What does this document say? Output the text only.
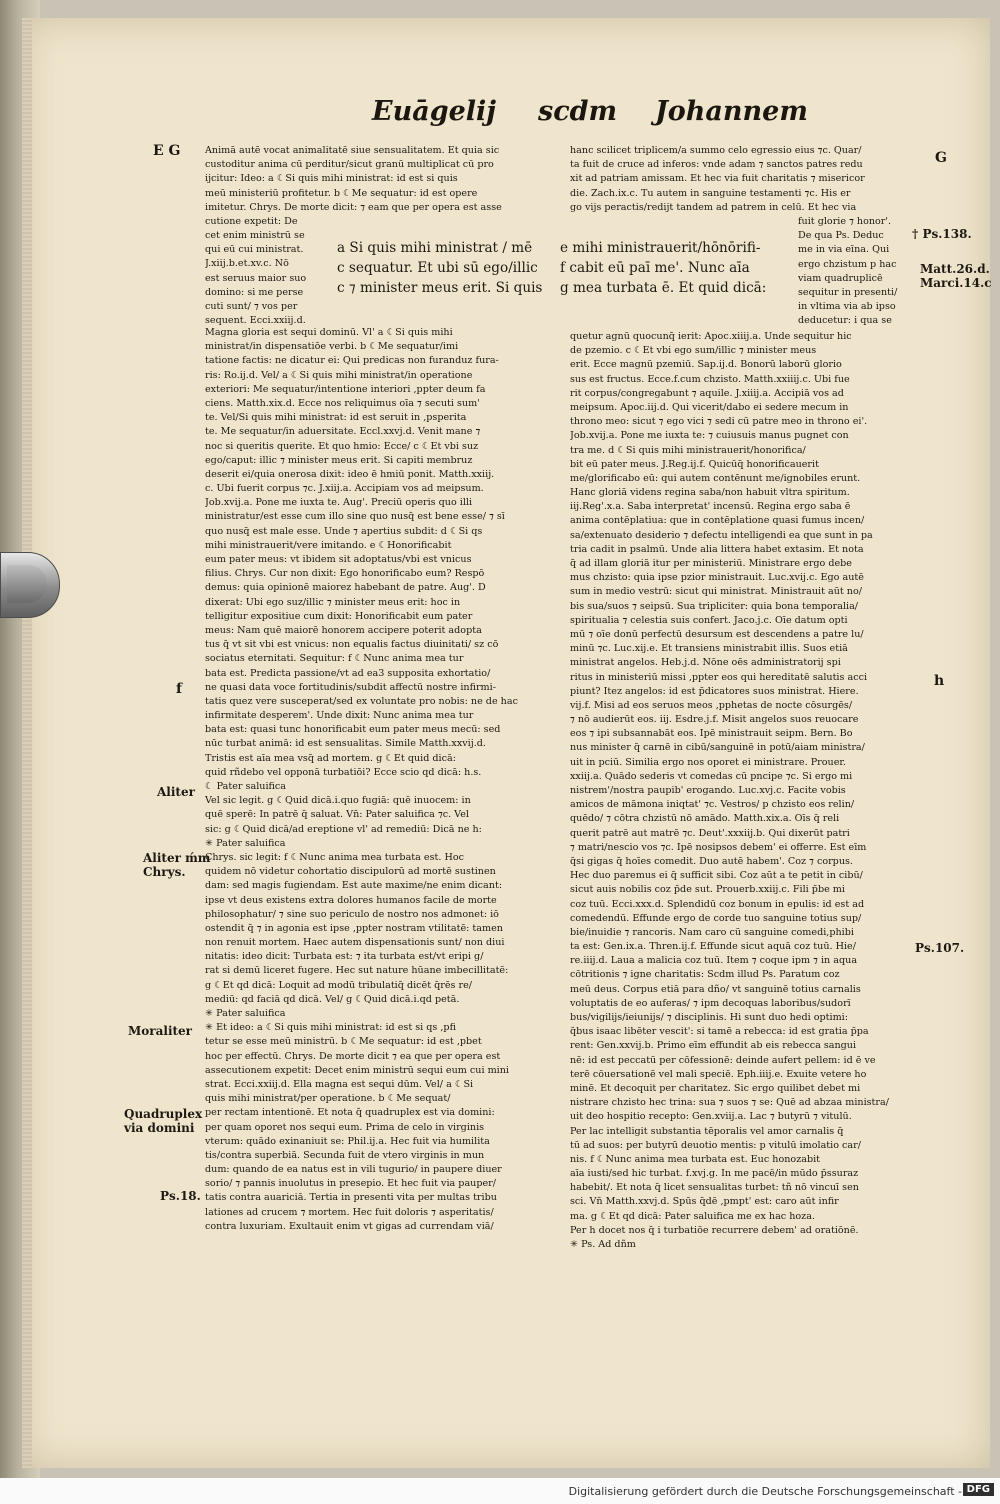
Euāgelij scdm Johannem
Animā autē vocat animalitatē siue sensualitatem. Et quia sic
custoditur anima cū perditur/sicut granū multiplicat cū pro
ijcitur: Ideo: a ☾Si quis mihi ministrat: id est si quis
meū ministeriū profitetur. b ☾Me sequatur: id est opere
imitetur. Chrys. De morte dicit: ⁊ eam que per opera est asse
cutione expetit: De
cet enim ministrū se
qui eū cui ministrat.
J.xiij.b.et.xv.c. Nō
est seruus maior suo
domino: si me perse
cuti sunt/ ⁊ vos per
sequent. Ecci.xxiij.d.
Magna gloria est sequi dominū. Vl' a ☾Si quis mihi
ministrat/in dispensatiōe verbi. b ☾Me sequatur/imi
tatione factis: ne dicatur ei: Qui predicas non furanduz fura-
ris: Ro.ij.d. Vel/ a ☾Si quis mihi ministrat/in operatione
exteriori: Me sequatur/intentione interiori ,ppter deum fa
ciens. Matth.xix.d. Ecce nos reliquimus oīa ⁊ secuti sum'
te. Vel/Si quis mihi ministrat: id est seruit in ,psperita
te. Me sequatur/in aduersitate. Eccl.xxvj.d. Venit mane ⁊
noc si queritis querite. Et quo hmio: Ecce/ c ☾Et vbi suz
ego/caput: illic ⁊ minister meus erit. Si capiti membruz
deserit ei/quia onerosa dixit: ideo ē hmiū ponit. Matth.xxiij.
c. Ubi fuerit corpus ⁊c. J.xiij.a. Accipiam vos ad meipsum.
Job.xvij.a. Pone me iuxta te. Aug'. Preciū operis quo illi
ministratur/est esse cum illo sine quo nusq̄ est bene esse/ ⁊ sī
quo nusq̄ est male esse. Unde ⁊ apertius subdit: d ☾Si qs
mihi ministrauerit/vere imitando. e ☾Honorificabit
eum pater meus: vt ibidem sit adoptatus/vbi est vnicus
filius. Chrys. Cur non dixit: Ego honorificabo eum? Respō
demus: quia opinionē maiorez habebant de patre. Aug'. D
dixerat: Ubi ego suz/illic ⁊ minister meus erit: hoc in
telligitur expositiue cum dixit: Honorificabit eum pater
meus: Nam quē maiorē honorem accipere poterit adopta
tus q̄ vt sit vbi est vnicus: non equalis factus diuinitati/ sz cō
sociatus eternitati. Sequitur: f ☾Nunc anima mea tur
bata est. Predicta passione/vt ad ea3 supposita exhortatio/
ne quasi data voce fortitudinis/subdit affectū nostre infirmi-
tatis quez vere susceperat/sed ex voluntate pro nobis: ne de hac
infirmitate desperem'. Unde dixit: Nunc anima mea tur
bata est: quasi tunc honorificabit eum pater meus mecū: sed
nūc turbat animā: id est sensualitas. Simile Matth.xxvij.d.
Tristis est aīa mea vsq̄ ad mortem. g ☾Et quid dicā:
quid rñdebo vel opponā turbatiōi? Ecce scio qd dicā: h.s.
☾ Pater saluifica
Vel sic legit. g ☾Quid dicā.i.quo fugiā: quē inuocem: in
quē sperē: In patrē q̄ saluat. Vn̄: Pater saluifica ⁊c. Vel
sic: g ☾Quid dicā/ad ereptione vl' ad remediū: Dicā ne h:
✳ Pater saluifica
Chrys. sic legit: f ☾Nunc anima mea turbata est. Hoc
quidem nō videtur cohortatio discipulorū ad mortē sustinen
dam: sed magis fugiendam. Est aute maxime/ne enim dicant:
ipse vt deus existens extra dolores humanos facile de morte
philosophatur/ ⁊ sine suo periculo de nostro nos admonet: iō
ostendit q̄ ⁊ in agonia est ipse ,ppter nostram vtilitatē: tamen
non renuit mortem. Haec autem dispensationis sunt/ non diui
nitatis: ideo dicit: Turbata est: ⁊ ita turbata est/vt eripi g/
rat si demū liceret fugere. Hec sut nature hūane imbecillitatē:
g ☾Et qd dicā: Loquit ad modū tribulatiq̄ dicēt q̄rēs re/
mediū: qd faciā qd dicā. Vel/ g ☾Quid dicā.i.qd petā.
✳ Pater saluifica
✳ Et ideo: a ☾Si quis mihi ministrat: id est si qs ,pfi
tetur se esse meū ministrū. b ☾Me sequatur: id est ,pbet
hoc per effectū. Chrys. De morte dicit ⁊ ea que per opera est
assecutionem expetit: Decet enim ministrū sequi eum cui mini
strat. Ecci.xxiij.d. Ella magna est sequi dūm. Vel/ a ☾Si
quis mihi ministrat/per operatione. b ☾Me sequat/
per rectam intentionē. Et nota q̄ quadruplex est via domini:
per quam oporet nos sequi eum. Prima de celo in virginis
vterum: quādo exinaniuit se: Phil.ij.a. Hec fuit via humilita
tis/contra superbiā. Secunda fuit de vtero virginis in mun
dum: quando de ea natus est in vili tugurio/ in paupere diuer
sorio/ ⁊ pannis inuolutus in presepio. Et hec fuit via pauper/
tatis contra auariciā. Tertia in presenti vita per multas tribu
lationes ad crucem ⁊ mortem. Hec fuit doloris ⁊ asperitatis/
contra luxuriam. Exultauit enim vt gigas ad currendam viā/
hanc scilicet triplicem/a summo celo egressio eius ⁊c. Quar/
ta fuit de cruce ad inferos: vnde adam ⁊ sanctos patres redu
xit ad patriam amissam. Et hec via fuit charitatis ⁊ misericor
die. Zach.ix.c. Tu autem in sanguine testamenti ⁊c. His er
go vijs peractis/redijt tandem ad patrem in celū. Et hec via
fuit glorie ⁊ honor'.
De qua Ps. Deduc
me in via eīna. Qui
ergo chzistum p hac
viam quadruplicē
sequitur in presenti/
in vltima via ab ipso
deducetur: i qua se
quetur agnū quocunq̄ ierit: Apoc.xiiij.a. Unde sequitur hic
de pzemio. c ☾Et vbi ego sum/illic ⁊ minister meus
erit. Ecce magnū pzemiū. Sap.ij.d. Bonorū laborū glorio
sus est fructus. Ecce.f.cum chzisto. Matth.xxiiij.c. Ubi fue
rit corpus/congregabunt ⁊ aquile. J.xiiij.a. Accipiā vos ad
meipsum. Apoc.iij.d. Qui vicerit/dabo ei sedere mecum in
throno meo: sicut ⁊ ego vici ⁊ sedi cū patre meo in throno ei'.
Job.xvij.a. Pone me iuxta te: ⁊ cuiusuis manus pugnet con
tra me. d ☾Si quis mihi ministrauerit/honorifica/
bit eū pater meus. J.Reg.ij.f. Quicūq̄ honorificauerit
me/glorificabo eū: qui autem contēnunt me/ignobiles erunt.
Hanc gloriā videns regina saba/non habuit vltra spiritum.
iij.Reg'.x.a. Saba interpretat' incensū. Regina ergo saba ē
anima contēplatiua: que in contēplatione quasi fumus incen/
sa/extenuato desiderio ⁊ defectu intelligendi ea que sunt in pa
tria cadit in psalmū. Unde alia littera habet extasim. Et nota
q̄ ad illam gloriā itur per ministeriū. Ministrare ergo debe
mus chzisto: quia ipse pzior ministrauit. Luc.xvij.c. Ego autē
sum in medio vestrū: sicut qui ministrat. Ministrauit aūt no/
bis sua/suos ⁊ seipsū. Sua tripliciter: quia bona temporalia/
spiritualia ⁊ celestia suis confert. Jaco.j.c. Oīe datum opti
mū ⁊ oīe donū perfectū desursum est descendens a patre lu/
minū ⁊c. Luc.xij.e. Et transiens ministrabit illis. Suos etiā
ministrat angelos. Heb.j.d. Nōne oēs administratorij spi
ritus in ministeriū missi ,ppter eos qui hereditatē salutis acci
piunt? Itez angelos: id est p̄dicatores suos ministrat. Hiere.
vij.f. Misi ad eos seruos meos ,pphetas de nocte cōsurgēs/
⁊ nō audierūt eos. iij. Esdre.j.f. Misit angelos suos reuocare
eos ⁊ ipi subsannabāt eos. Ipē ministrauit seipm. Bern. Bo
nus minister q̄ carnē in cibū/sanguinē in potū/aiam ministra/
uit in pciū. Similia ergo nos oporet ei ministrare. Prouer.
xxiij.a. Quādo sederis vt comedas cū pncipe ⁊c. Si ergo mi
nistrem'/nostra paupib' erogando. Luc.xvj.c. Facite vobis
amicos de māmona iniqtat' ⁊c. Vestros/ p chzisto eos relin/
quēdo/ ⁊ cōtra chzistū nō amādo. Matth.xix.a. Oīs q̄ reli
querit patrē aut matrē ⁊c. Deut'.xxxiij.b. Qui dixerūt patri
⁊ matri/nescio vos ⁊c. Ipē nosipsos debem' ei offerre. Est eīm
q̄si gigas q̄ hoīes comedit. Duo autē habem'. Coz ⁊ corpus.
Hec duo paremus ei q̄ sufficit sibi. Coz aūt a te petit in cibū/
sicut auis nobilis coz p̄de sut. Prouerb.xxiij.c. Fili p̄be mi
coz tuū. Ecci.xxx.d. Splendidū coz bonum in epulis: id est ad
comedendū. Effunde ergo de corde tuo sanguine totius sup/
bie/inuidie ⁊ rancoris. Nam caro cū sanguine comedi,phibi
ta est: Gen.ix.a. Thren.ij.f. Effunde sicut aquā coz tuū. Hie/
re.iiij.d. Laua a malicia coz tuū. Item ⁊ coque ipm ⁊ in aqua
cōtritionis ⁊ igne charitatis: Scdm illud Ps. Paratum coz
meū deus. Corpus etiā para dño/ vt sanguinē totius carnalis
voluptatis de eo auferas/ ⁊ ipm decoquas laboribus/sudorī
bus/vigilijs/ieiunijs/ ⁊ disciplinis. Hi sunt duo hedi optimi:
q̄bus isaac libēter vescit': si tamē a rebecca: id est gratia p̄pa
rent: Gen.xxvij.b. Primo eīm effundit ab eis rebecca sangui
nē: id est peccatū per cōfessionē: deinde aufert pellem: id ē ve
terē cōuersationē vel mali speciē. Eph.iiij.e. Exuite vetere ho
minē. Et decoquit per charitatez. Sic ergo quilibet debet mi
nistrare chzisto hec trina: sua ⁊ suos ⁊ se: Quē ad abzaa ministra/
uit deo hospitio recepto: Gen.xviij.a. Lac ⁊ butyrū ⁊ vitulū.
Per lac intelligit substantia tēporalis vel amor carnalis q̄
tū ad suos: per butyrū deuotio mentis: p vitulū imolatio car/
nis. f ☾Nunc anima mea turbata est. Euc honozabit
aīa iusti/sed hic turbat. f.xvj.g. In me pacē/in mūdo p̄ssuraz
habebit/. Et nota q̄ licet sensualitas turbet: tñ nō vincuī sen
sci. Vn̄ Matth.xxvj.d. Spūs q̄dē ,pmpt' est: caro aūt infir
ma. g ☾Et qd dicā: Pater saluifica me ex hac hoza.
Per h docet nos q̄ i turbatiōe recurrere debem' ad oratiōnē.
✳ Ps. Ad dñm
a Si quis mihi ministrat / mē
c sequatur. Et ubi sū ego/illic
c ⁊ minister meus erit. Si quis
e mihi ministrauerit/hōnōrifi-
f cabit eū paī me'. Nunc aīa
g mea turbata ē. Et quid dicā:
E G	G
† Ps.138.
Matt.26.d.
Marci.14.c
h
f
Aliter
Aliter ḿm
Chrys.
Moraliter
Quadruplex
via domini
Ps.18.
Ps.107.
Digitalisierung gefördert durch die Deutsche Forschungsgemeinschaft - DFG
